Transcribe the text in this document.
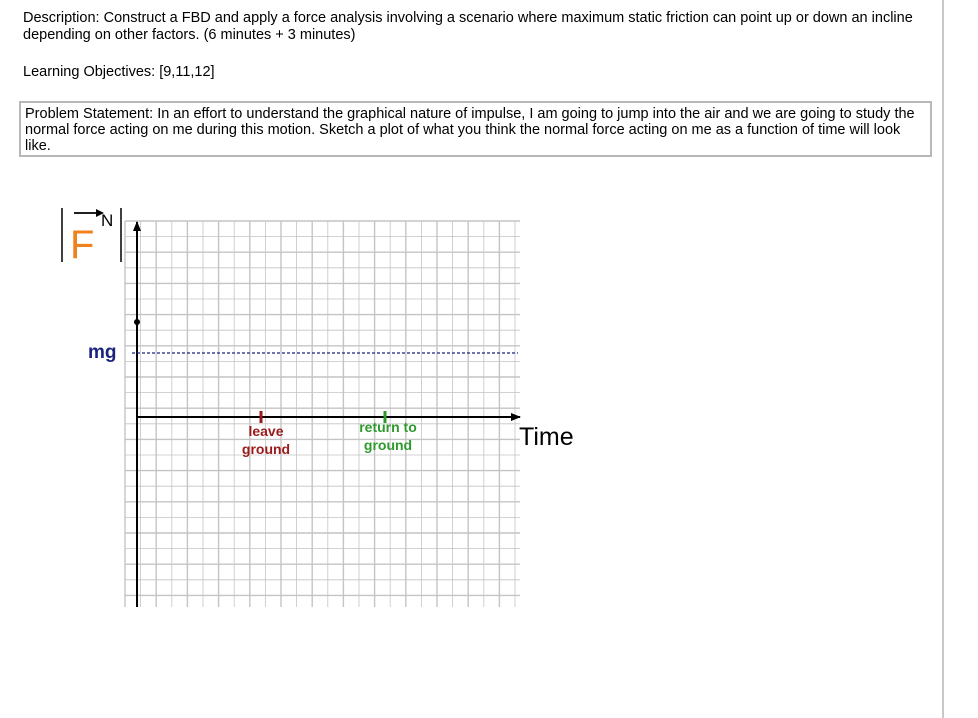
Description: Construct a FBD and apply a force analysis involving a scenario where maximum static friction can point up or down an incline depending on other factors. (6 minutes + 3 minutes)
Learning Objectives: [9,11,12]
Problem Statement: In an effort to understand the graphical nature of impulse, I am going to jump into the air and we are going to study the normal force acting on me during this motion. Sketch a plot of what you think the normal force acting on me as a function of time will look like.
F
N
mg
leave
ground
return to
ground	Time
